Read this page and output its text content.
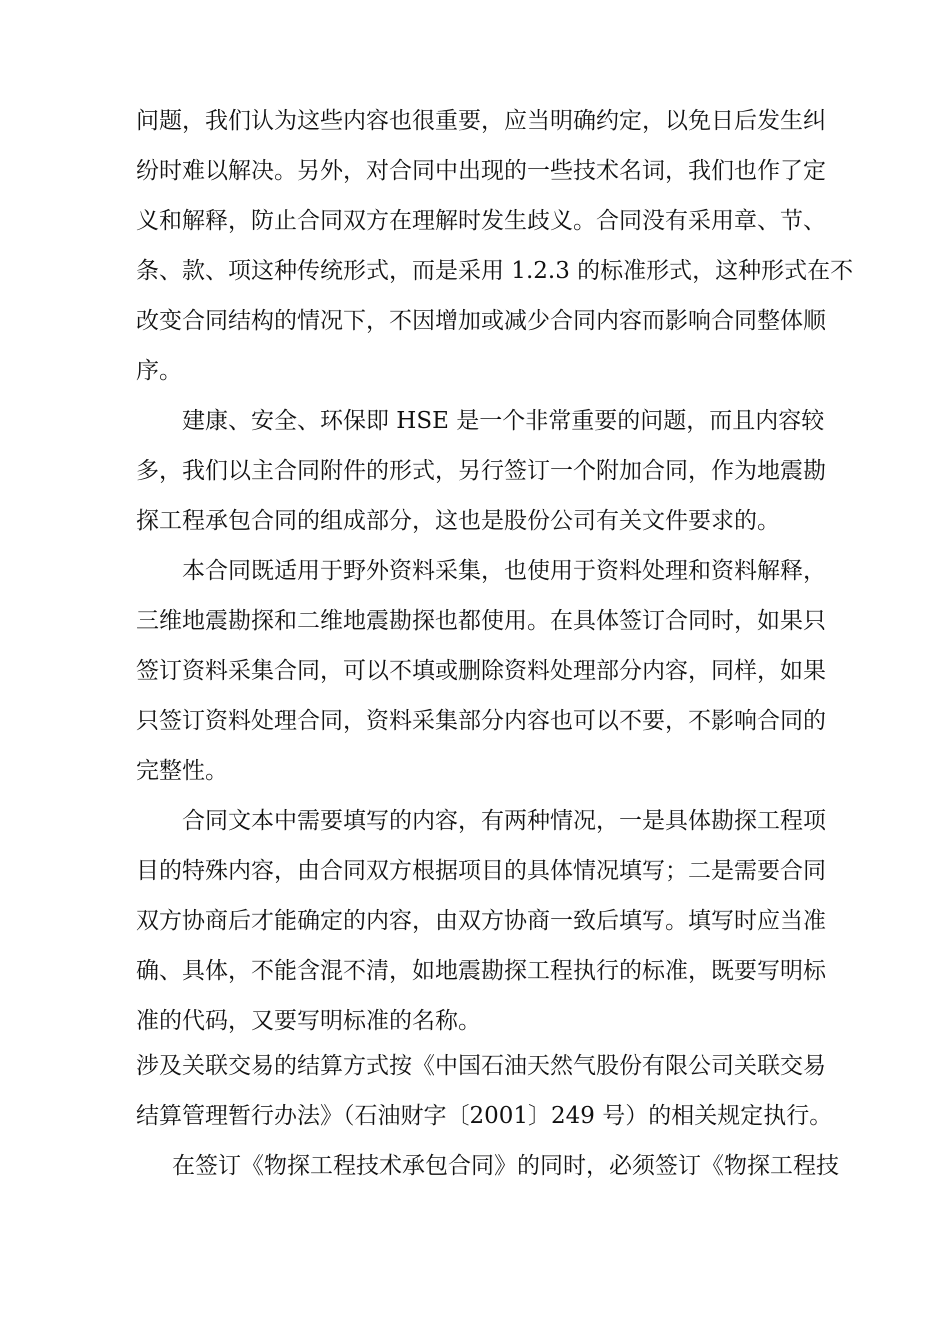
问题，我们认为这些内容也很重要，应当明确约定，以免日后发生纠
纷时难以解决。另外，对合同中出现的一些技术名词，我们也作了定
义和解释，防止合同双方在理解时发生歧义。合同没有采用章、节、
条、款、项这种传统形式，而是采用 1.2.3 的标准形式，这种形式在不
改变合同结构的情况下，不因增加或减少合同内容而影响合同整体顺
序。
建康、安全、环保即 HSE 是一个非常重要的问题，而且内容较
多，我们以主合同附件的形式，另行签订一个附加合同，作为地震勘
探工程承包合同的组成部分，这也是股份公司有关文件要求的。
本合同既适用于野外资料采集，也使用于资料处理和资料解释，
三维地震勘探和二维地震勘探也都使用。在具体签订合同时，如果只
签订资料采集合同，可以不填或删除资料处理部分内容，同样，如果
只签订资料处理合同，资料采集部分内容也可以不要，不影响合同的
完整性。
合同文本中需要填写的内容，有两种情况，一是具体勘探工程项
目的特殊内容，由合同双方根据项目的具体情况填写；二是需要合同
双方协商后才能确定的内容，由双方协商一致后填写。填写时应当准
确、具体，不能含混不清，如地震勘探工程执行的标准，既要写明标
准的代码，又要写明标准的名称。
涉及关联交易的结算方式按《中国石油天然气股份有限公司关联交易
结算管理暂行办法》（石油财字〔2001〕249 号）的相关规定执行。
在签订《物探工程技术承包合同》的同时，必须签订《物探工程技
